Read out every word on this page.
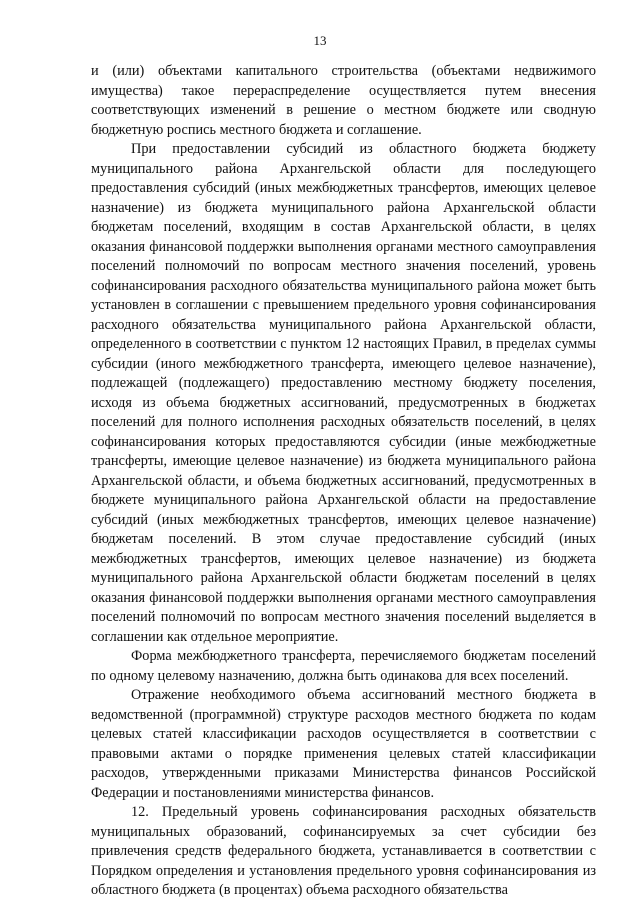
13

и (или) объектами капитального строительства (объектами недвижимого имущества) такое перераспределение осуществляется путем внесения соответствующих изменений в решение о местном бюджете или сводную бюджетную роспись местного бюджета и соглашение.

При предоставлении субсидий из областного бюджета бюджету муниципального района Архангельской области для последующего предоставления субсидий (иных межбюджетных трансфертов, имеющих целевое назначение) из бюджета муниципального района Архангельской области бюджетам поселений, входящим в состав Архангельской области, в целях оказания финансовой поддержки выполнения органами местного самоуправления поселений полномочий по вопросам местного значения поселений, уровень софинансирования расходного обязательства муниципального района может быть установлен в соглашении с превышением предельного уровня софинансирования расходного обязательства муниципального района Архангельской области, определенного в соответствии с пунктом 12 настоящих Правил, в пределах суммы субсидии (иного межбюджетного трансферта, имеющего целевое назначение), подлежащей (подлежащего) предоставлению местному бюджету поселения, исходя из объема бюджетных ассигнований, предусмотренных в бюджетах поселений для полного исполнения расходных обязательств поселений, в целях софинансирования которых предоставляются субсидии (иные межбюджетные трансферты, имеющие целевое назначение) из бюджета муниципального района Архангельской области, и объема бюджетных ассигнований, предусмотренных в бюджете муниципального района Архангельской области на предоставление субсидий (иных межбюджетных трансфертов, имеющих целевое назначение) бюджетам поселений. В этом случае предоставление субсидий (иных межбюджетных трансфертов, имеющих целевое назначение) из бюджета муниципального района Архангельской области бюджетам поселений в целях оказания финансовой поддержки выполнения органами местного самоуправления поселений полномочий по вопросам местного значения поселений выделяется в соглашении как отдельное мероприятие.

Форма межбюджетного трансферта, перечисляемого бюджетам поселений по одному целевому назначению, должна быть одинакова для всех поселений.

Отражение необходимого объема ассигнований местного бюджета в ведомственной (программной) структуре расходов местного бюджета по кодам целевых статей классификации расходов осуществляется в соответствии с правовыми актами о порядке применения целевых статей классификации расходов, утвержденными приказами Министерства финансов Российской Федерации и постановлениями министерства финансов.

12. Предельный уровень софинансирования расходных обязательств муниципальных образований, софинансируемых за счет субсидии без привлечения средств федерального бюджета, устанавливается в соответствии с Порядком определения и установления предельного уровня софинансирования из областного бюджета (в процентах) объема расходного обязательства
